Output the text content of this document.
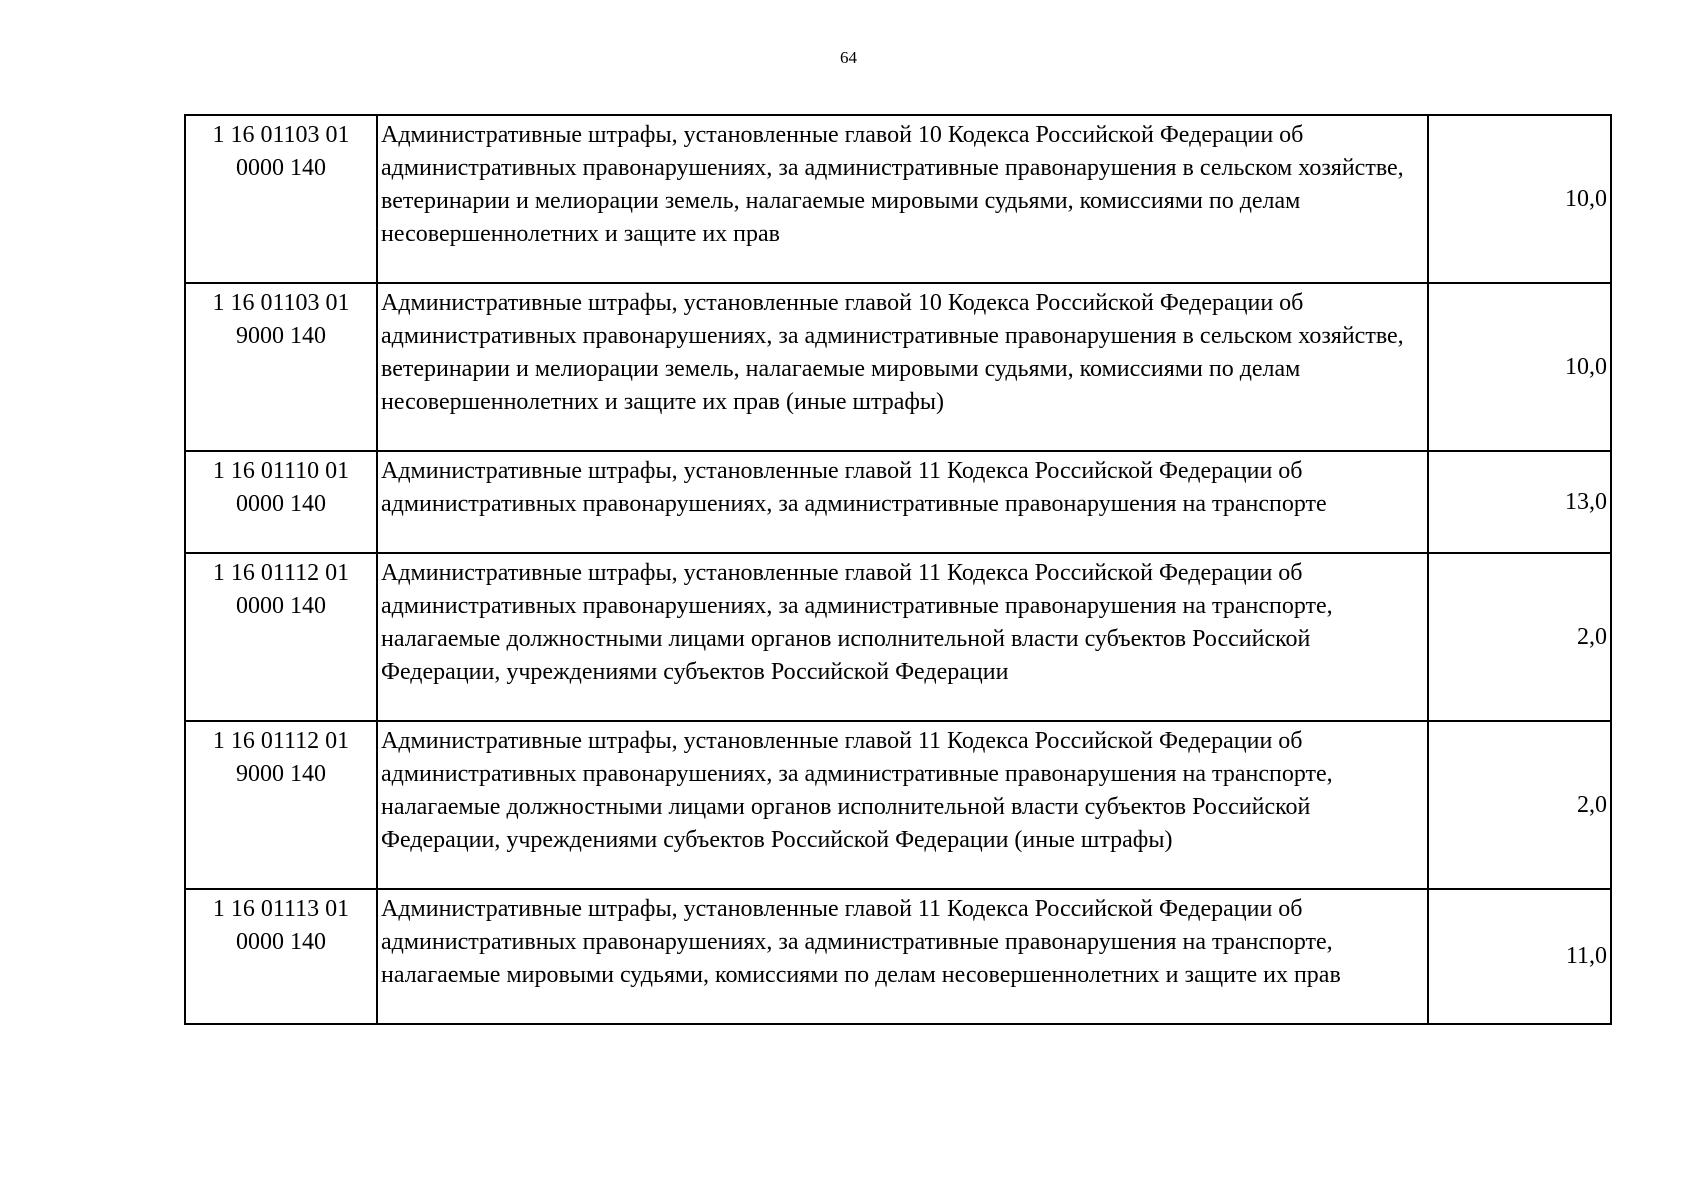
64
1 16 01103 01
0000 140	Административные штрафы, установленные главой 10 Кодекса Российской Федерации об административных правонарушениях, за административные правонарушения в сельском хозяйстве, ветеринарии и мелиорации земель, налагаемые мировыми судьями, комиссиями по делам несовершеннолетних и защите их прав	10,0

1 16 01103 01
9000 140	Административные штрафы, установленные главой 10 Кодекса Российской Федерации об административных правонарушениях, за административные правонарушения в сельском хозяйстве, ветеринарии и мелиорации земель, налагаемые мировыми судьями, комиссиями по делам несовершеннолетних и защите их прав (иные штрафы)	10,0

1 16 01110 01
0000 140	Административные штрафы, установленные главой 11 Кодекса Российской Федерации об административных правонарушениях, за административные правонарушения на транспорте	13,0

1 16 01112 01
0000 140	Административные штрафы, установленные главой 11 Кодекса Российской Федерации об административных правонарушениях, за административные правонарушения на транспорте, налагаемые должностными лицами органов исполнительной власти субъектов Российской Федерации, учреждениями субъектов Российской Федерации	2,0

1 16 01112 01
9000 140	Административные штрафы, установленные главой 11 Кодекса Российской Федерации об административных правонарушениях, за административные правонарушения на транспорте, налагаемые должностными лицами органов исполнительной власти субъектов Российской Федерации, учреждениями субъектов Российской Федерации (иные штрафы)	2,0

1 16 01113 01
0000 140	Административные штрафы, установленные главой 11 Кодекса Российской Федерации об административных правонарушениях, за административные правонарушения на транспорте, налагаемые мировыми судьями, комиссиями по делам несовершеннолетних и защите их прав	11,0
